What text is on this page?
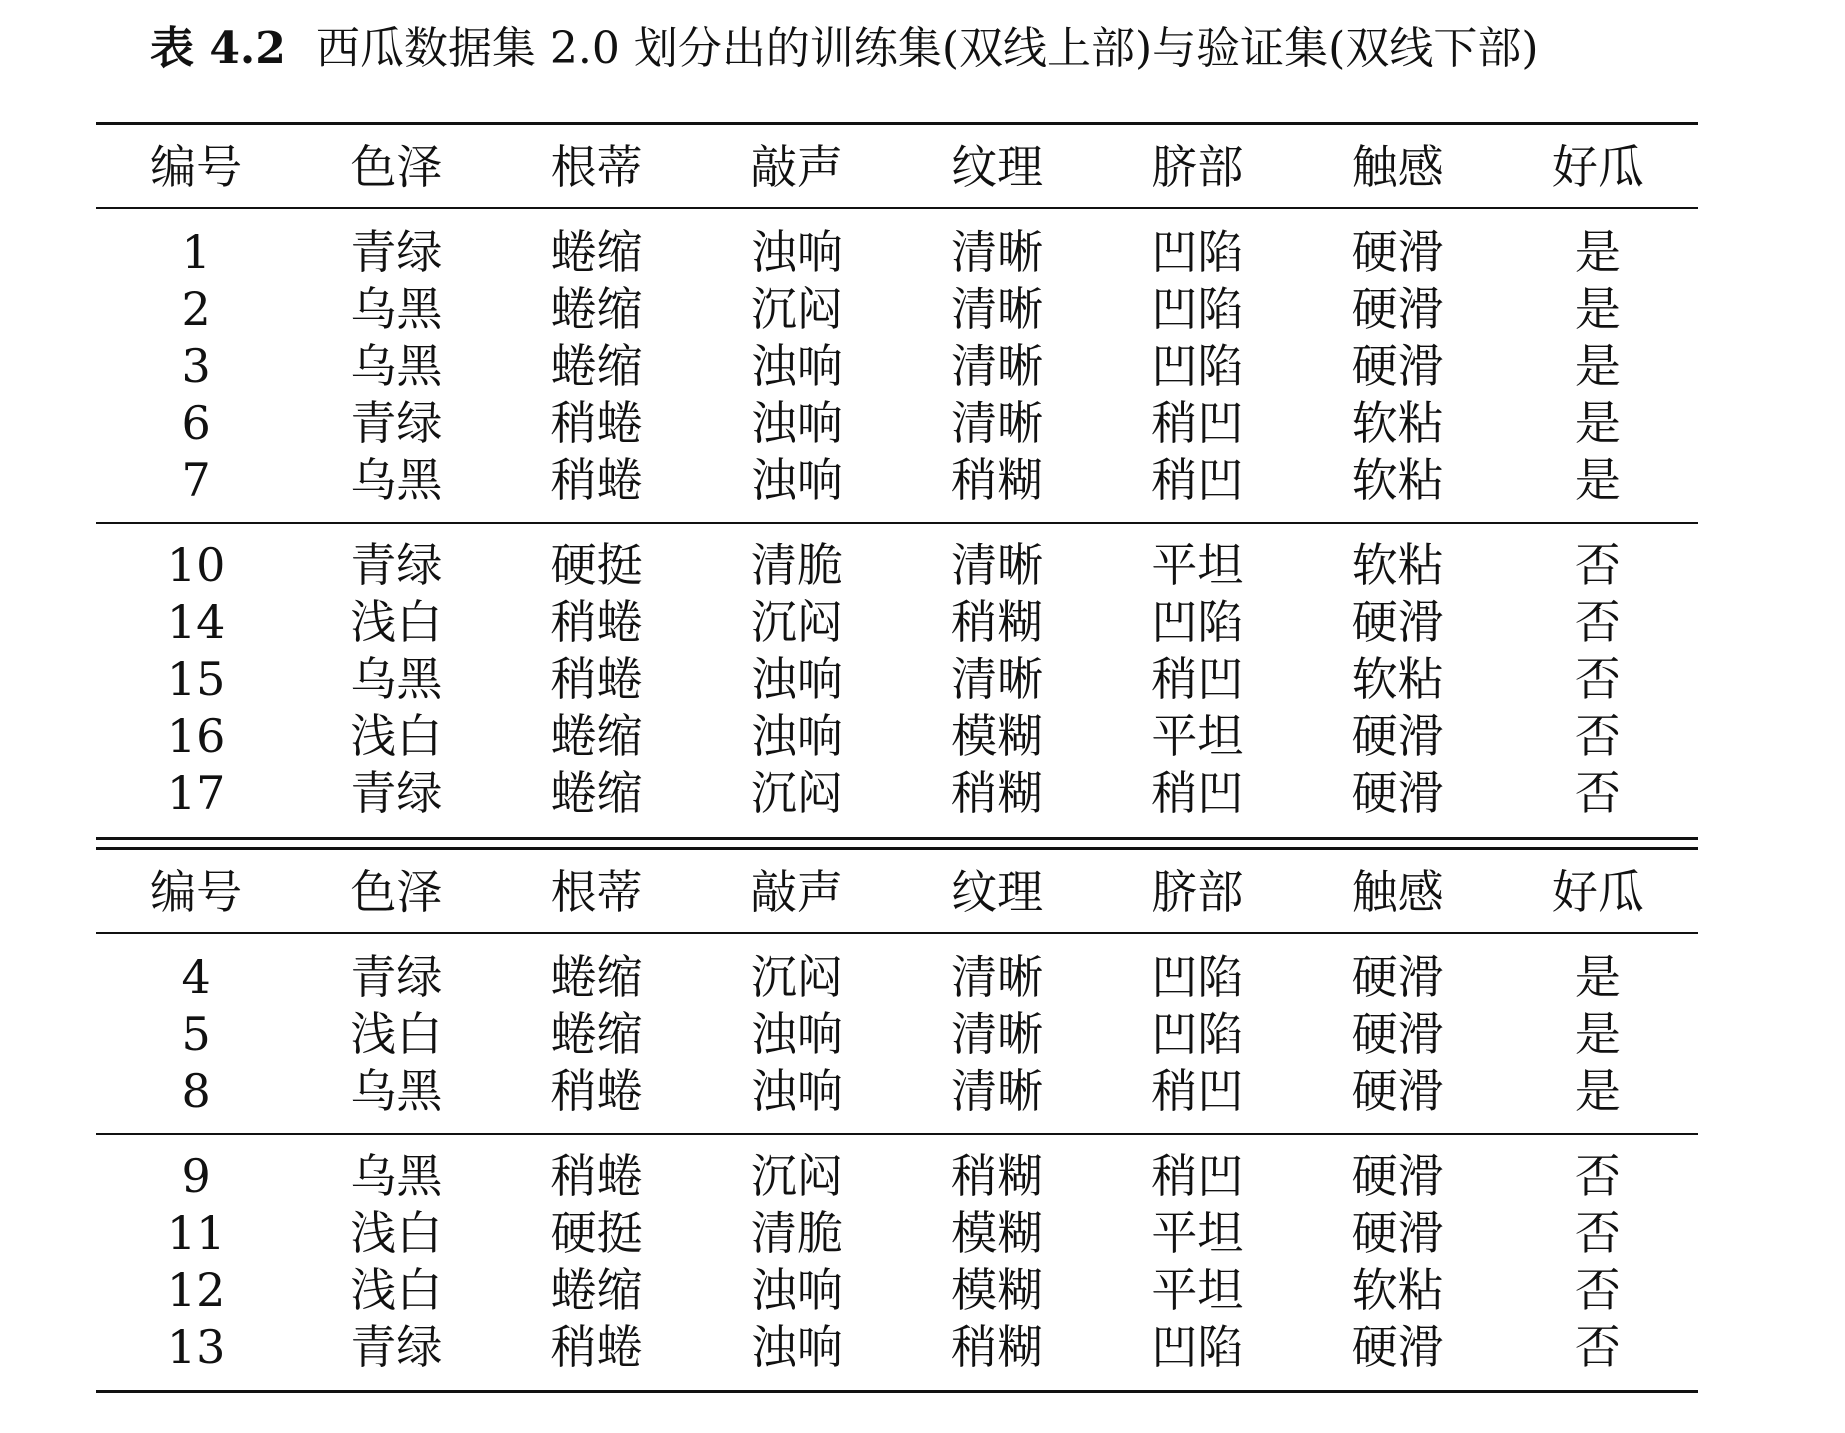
表 4.2 西瓜数据集 2.0 划分出的训练集(双线上部)与验证集(双线下部)
编号	色泽	根蒂	敲声	纹理	脐部	触感	好瓜
1	青绿	蜷缩	浊响	清晰	凹陷	硬滑	是
2	乌黑	蜷缩	沉闷	清晰	凹陷	硬滑	是
3	乌黑	蜷缩	浊响	清晰	凹陷	硬滑	是
6	青绿	稍蜷	浊响	清晰	稍凹	软粘	是
7	乌黑	稍蜷	浊响	稍糊	稍凹	软粘	是
10	青绿	硬挺	清脆	清晰	平坦	软粘	否
14	浅白	稍蜷	沉闷	稍糊	凹陷	硬滑	否
15	乌黑	稍蜷	浊响	清晰	稍凹	软粘	否
16	浅白	蜷缩	浊响	模糊	平坦	硬滑	否
17	青绿	蜷缩	沉闷	稍糊	稍凹	硬滑	否
编号	色泽	根蒂	敲声	纹理	脐部	触感	好瓜
4	青绿	蜷缩	沉闷	清晰	凹陷	硬滑	是
5	浅白	蜷缩	浊响	清晰	凹陷	硬滑	是
8	乌黑	稍蜷	浊响	清晰	稍凹	硬滑	是
9	乌黑	稍蜷	沉闷	稍糊	稍凹	硬滑	否
11	浅白	硬挺	清脆	模糊	平坦	硬滑	否
12	浅白	蜷缩	浊响	模糊	平坦	软粘	否
13	青绿	稍蜷	浊响	稍糊	凹陷	硬滑	否
